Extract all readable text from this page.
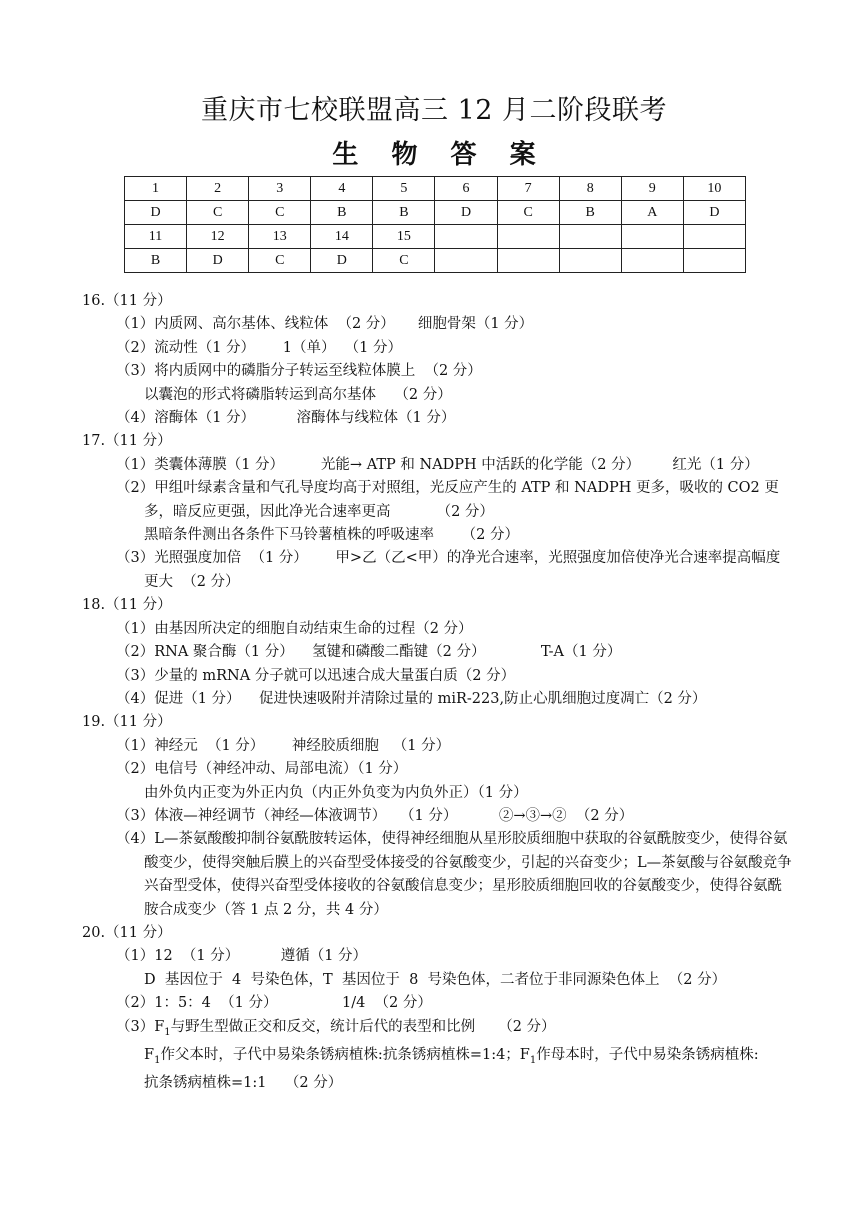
重庆市七校联盟高三 12 月二阶段联考
生 物 答 案
1	2	3	4	5	6	7	8	9	10
D	C	C	B	B	D	C	B	A	D
11	12	13	14	15					
B	D	C	D	C					

16.（11 分）

（1）内质网、高尔基体、线粒体  （2 分）     细胞骨架（1 分）

（2）流动性（1 分）      1（单）  （1 分）

（3）将内质网中的磷脂分子转运至线粒体膜上  （2 分）

以囊泡的形式将磷脂转运到高尔基体    （2 分）

（4）溶酶体（1 分）         溶酶体与线粒体（1 分）

17.（11 分）

（1）类囊体薄膜（1 分）        光能→ ATP 和 NADPH 中活跃的化学能（2 分）       红光（1 分）

（2）甲组叶绿素含量和气孔导度均高于对照组，光反应产生的 ATP 和 NADPH 更多，吸收的 CO2 更多，暗反应更强，因此净光合速率更高          （2 分）

黑暗条件测出各条件下马铃薯植株的呼吸速率      （2 分）

（3）光照强度加倍  （1 分）      甲>乙（乙<甲）的净光合速率，光照强度加倍使净光合速率提高幅度更大  （2 分）

18.（11 分）

（1）由基因所决定的细胞自动结束生命的过程（2 分）

（2）RNA 聚合酶（1 分）    氢键和磷酸二酯键（2 分）            T-A（1 分）

（3）少量的 mRNA 分子就可以迅速合成大量蛋白质（2 分）

（4）促进（1 分）    促进快速吸附并清除过量的 miR-223,防止心肌细胞过度凋亡（2 分）

19.（11 分）

（1）神经元  （1 分）      神经胶质细胞   （1 分）

（2）电信号（神经冲动、局部电流）（1 分）

由外负内正变为外正内负（内正外负变为内负外正）（1 分）

（3）体液—神经调节（神经—体液调节）   （1 分）         ②→③→②  （2 分）

（4）L—茶氨酸酸抑制谷氨酰胺转运体，使得神经细胞从星形胶质细胞中获取的谷氨酰胺变少，使得谷氨酸变少，使得突触后膜上的兴奋型受体接受的谷氨酸变少，引起的兴奋变少；L—茶氨酸与谷氨酸竞争兴奋型受体，使得兴奋型受体接收的谷氨酸信息变少；星形胶质细胞回收的谷氨酸变少，使得谷氨酰胺合成变少（答 1 点 2 分，共 4 分）

20.（11 分）

（1）12  （1 分）         遵循（1 分）

D  基因位于  4  号染色体，T  基因位于  8  号染色体，二者位于非同源染色体上  （2 分）

（2）1：5：4  （1 分）              1/4  （2 分）

$(3)F_1$与野生型做正交和反交，统计后代的表型和比例     （2 分）

$F_1$作父本时，子代中易染条锈病植株:抗条锈病植株=1:4；$F_1$作母本时，子代中易染条锈病植株:

抗条锈病植株=1:1    （2 分）
